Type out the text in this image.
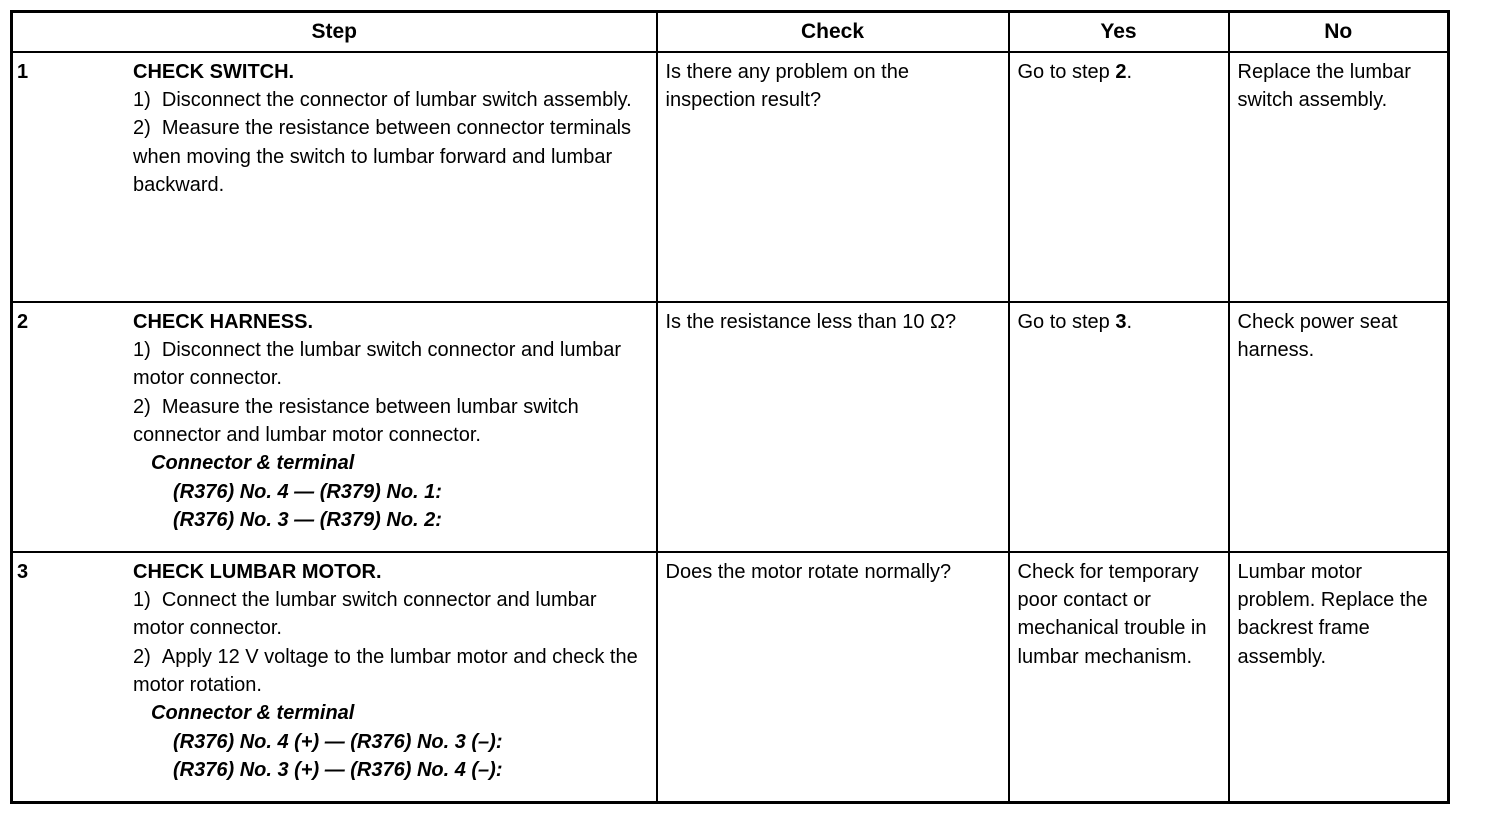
Step	Check	Yes	No

1 CHECK SWITCH.
1)  Disconnect the connector of lumbar switch assembly.
2)  Measure the resistance between connector terminals when moving the switch to lumbar forward and lumbar backward.	Is there any problem on the inspection result?	Go to step 2.	Replace the lumbar switch assembly.

2	CHECK HARNESS.
1)  Disconnect the lumbar switch connector and lumbar motor connector.
2)  Measure the resistance between lumbar switch connector and lumbar motor connector.
Connector & terminal
(R376) No. 4 — (R379) No. 1:
(R376) No. 3 — (R379) No. 2:
	Is the resistance less than 10 Ω?	Go to step 3.	Check power seat harness.

3	CHECK LUMBAR MOTOR.
1)  Connect the lumbar switch connector and lumbar motor connector.
2)  Apply 12 V voltage to the lumbar motor and check the motor rotation.
Connector & terminal
(R376) No. 4 (+) — (R376) No. 3 (–):
(R376) No. 3 (+) — (R376) No. 4 (–):
	Does the motor rotate normally?	Check for temporary poor contact or mechanical trouble in lumbar mechanism.	Lumbar motor problem. Replace the backrest frame assembly.
